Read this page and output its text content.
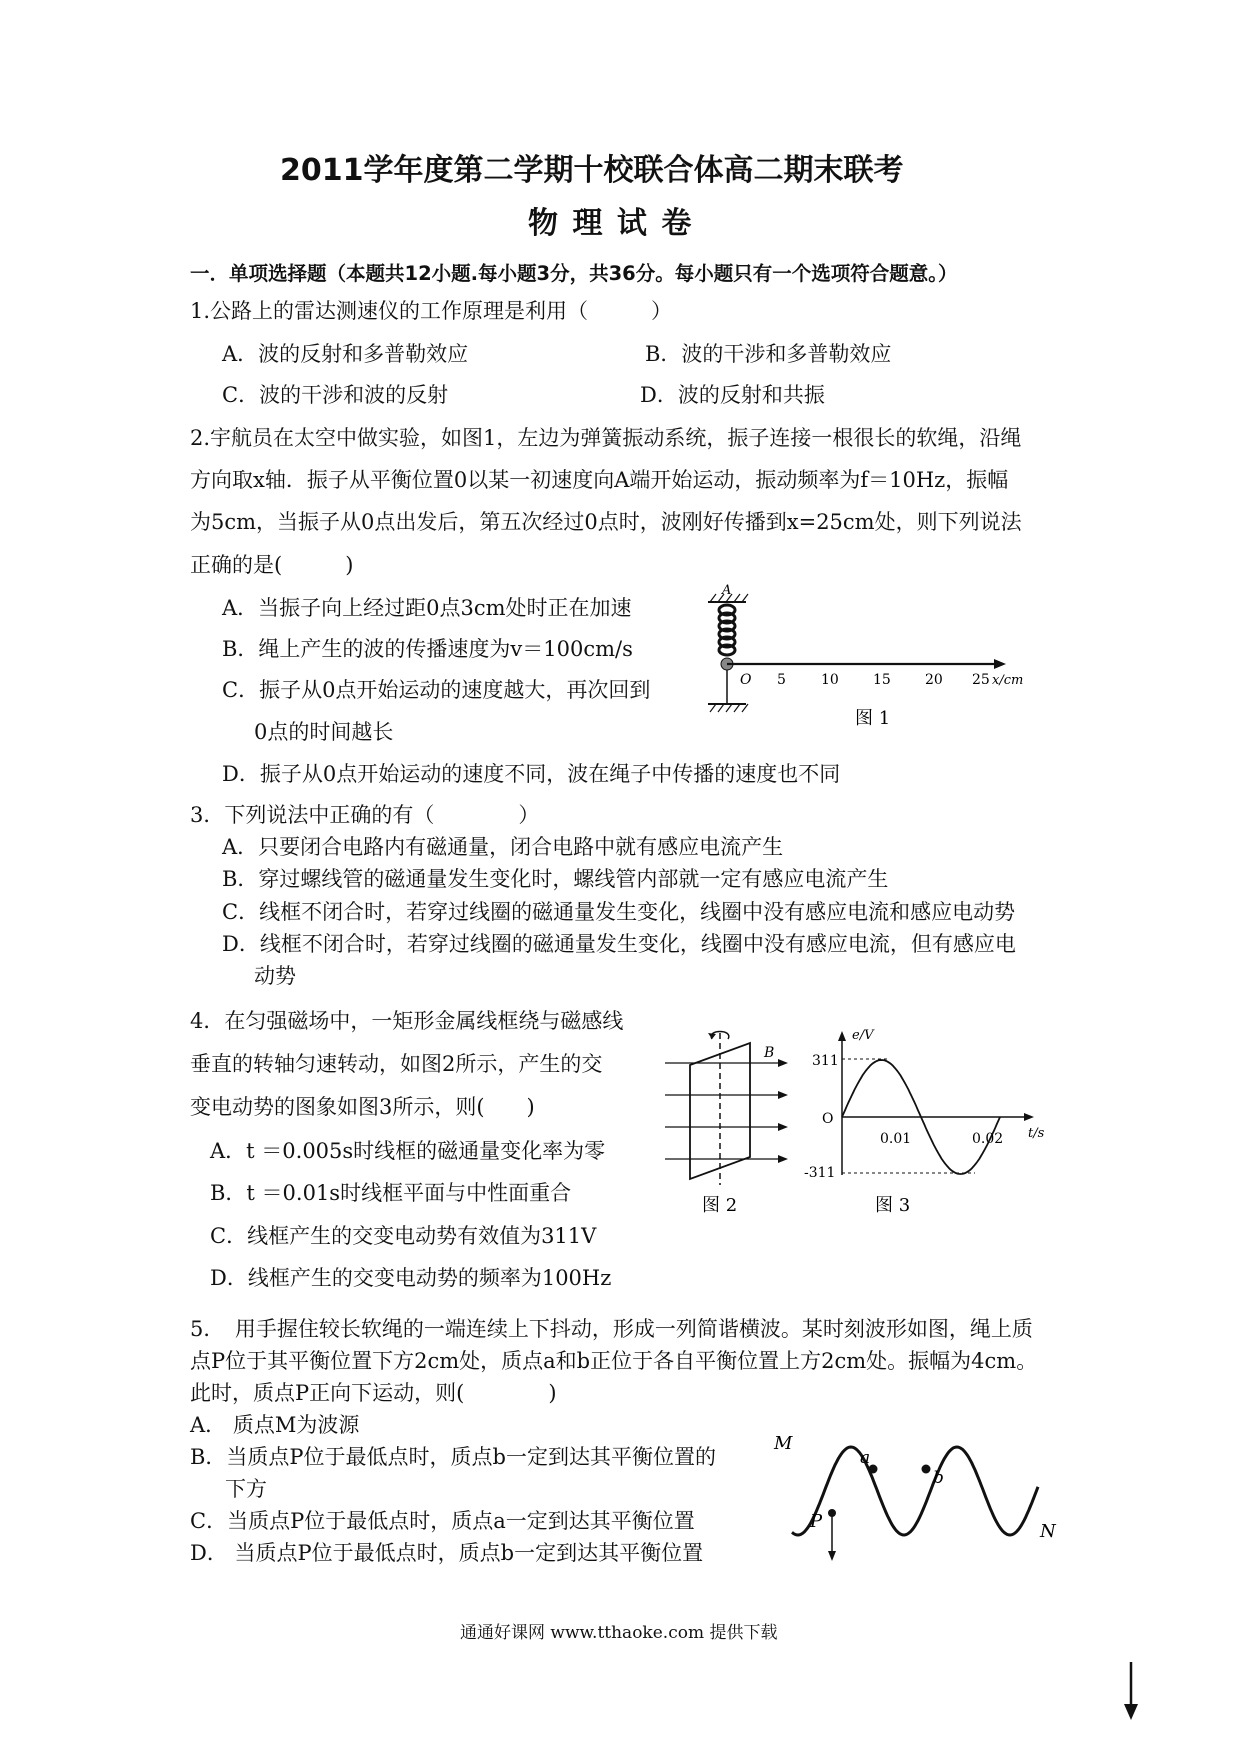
2011学年度第二学期十校联合体高二期末联考
物 理 试 卷
一．单项选择题（本题共12小题.每小题3分，共36分。每小题只有一个选项符合题意。）
1.公路上的雷达测速仪的工作原理是利用（　　　）
A．波的反射和多普勒效应	B．波的干涉和多普勒效应
C．波的干涉和波的反射	D．波的反射和共振
2.宇航员在太空中做实验，如图1，左边为弹簧振动系统，振子连接一根很长的软绳，沿绳
方向取x轴．振子从平衡位置0以某一初速度向A端开始运动，振动频率为f＝10Hz，振幅
为5cm，当振子从0点出发后，第五次经过0点时，波刚好传播到x=25cm处，则下列说法
正确的是(　　　)
A．当振子向上经过距0点3cm处时正在加速
B．绳上产生的波的传播速度为v＝100cm/s
C．振子从0点开始运动的速度越大，再次回到
0点的时间越长
D．振子从0点开始运动的速度不同，波在绳子中传播的速度也不同
A
O 5	10 15 20 25 x/cm
图 1
3．下列说法中正确的有（　　　　）
A．只要闭合电路内有磁通量，闭合电路中就有感应电流产生
B．穿过螺线管的磁通量发生变化时，螺线管内部就一定有感应电流产生
C．线框不闭合时，若穿过线圈的磁通量发生变化，线圈中没有感应电流和感应电动势
D．线框不闭合时，若穿过线圈的磁通量发生变化，线圈中没有感应电流，但有感应电
动势
4．在匀强磁场中，一矩形金属线框绕与磁感线
垂直的转轴匀速转动，如图2所示，产生的交
变电动势的图象如图3所示，则(　　)
A．t ＝0.005s时线框的磁通量变化率为零
B．t ＝0.01s时线框平面与中性面重合
C．线框产生的交变电动势有效值为311V
D．线框产生的交变电动势的频率为100Hz
B
图 2
e/V
t/s
O
311
-311
0.01	0.02
图 3
5．　用手握住较长软绳的一端连续上下抖动，形成一列简谐横波。某时刻波形如图，绳上质
点P位于其平衡位置下方2cm处，质点a和b正位于各自平衡位置上方2cm处。振幅为4cm。
此时，质点P正向下运动，则(　　　　)
A． 质点M为波源
B．当质点P位于最低点时，质点b一定到达其平衡位置的
下方
C．当质点P位于最低点时，质点a一定到达其平衡位置
D． 当质点P位于最低点时，质点b一定到达其平衡位置
M
N
P
a
b
通通好课网 www.tthaoke.com 提供下载
